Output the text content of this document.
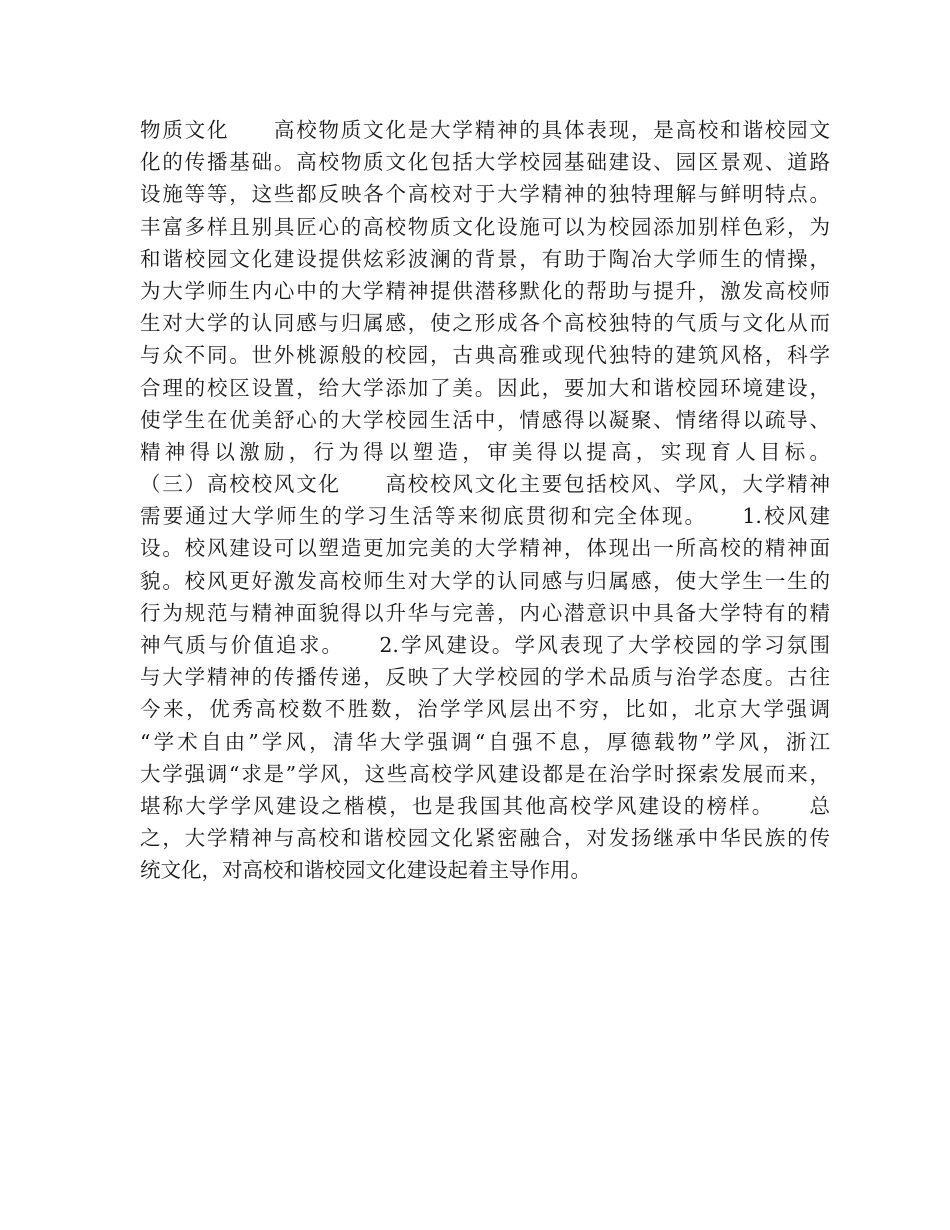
物质文化　　高校物质文化是大学精神的具体表现，是高校和谐校园文
化的传播基础。高校物质文化包括大学校园基础建设、园区景观、道路
设施等等，这些都反映各个高校对于大学精神的独特理解与鲜明特点。
丰富多样且别具匠心的高校物质文化设施可以为校园添加别样色彩，为
和谐校园文化建设提供炫彩波澜的背景，有助于陶冶大学师生的情操，
为大学师生内心中的大学精神提供潜移默化的帮助与提升，激发高校师
生对大学的认同感与归属感，使之形成各个高校独特的气质与文化从而
与众不同。世外桃源般的校园，古典高雅或现代独特的建筑风格，科学
合理的校区设置，给大学添加了美。因此，要加大和谐校园环境建设，
使学生在优美舒心的大学校园生活中，情感得以凝聚、情绪得以疏导、
精神得以激励，行为得以塑造，审美得以提高，实现育人目标。
（三）高校校风文化　　高校校风文化主要包括校风、学风，大学精神
需要通过大学师生的学习生活等来彻底贯彻和完全体现。　　1.校风建
设。校风建设可以塑造更加完美的大学精神，体现出一所高校的精神面
貌。校风更好激发高校师生对大学的认同感与归属感，使大学生一生的
行为规范与精神面貌得以升华与完善，内心潜意识中具备大学特有的精
神气质与价值追求。　　2.学风建设。学风表现了大学校园的学习氛围
与大学精神的传播传递，反映了大学校园的学术品质与治学态度。古往
今来，优秀高校数不胜数，治学学风层出不穷，比如，北京大学强调
“学术自由”学风，清华大学强调“自强不息，厚德载物”学风，浙江
大学强调“求是”学风，这些高校学风建设都是在治学时探索发展而来，
堪称大学学风建设之楷模，也是我国其他高校学风建设的榜样。　　总
之，大学精神与高校和谐校园文化紧密融合，对发扬继承中华民族的传
统文化，对高校和谐校园文化建设起着主导作用。
